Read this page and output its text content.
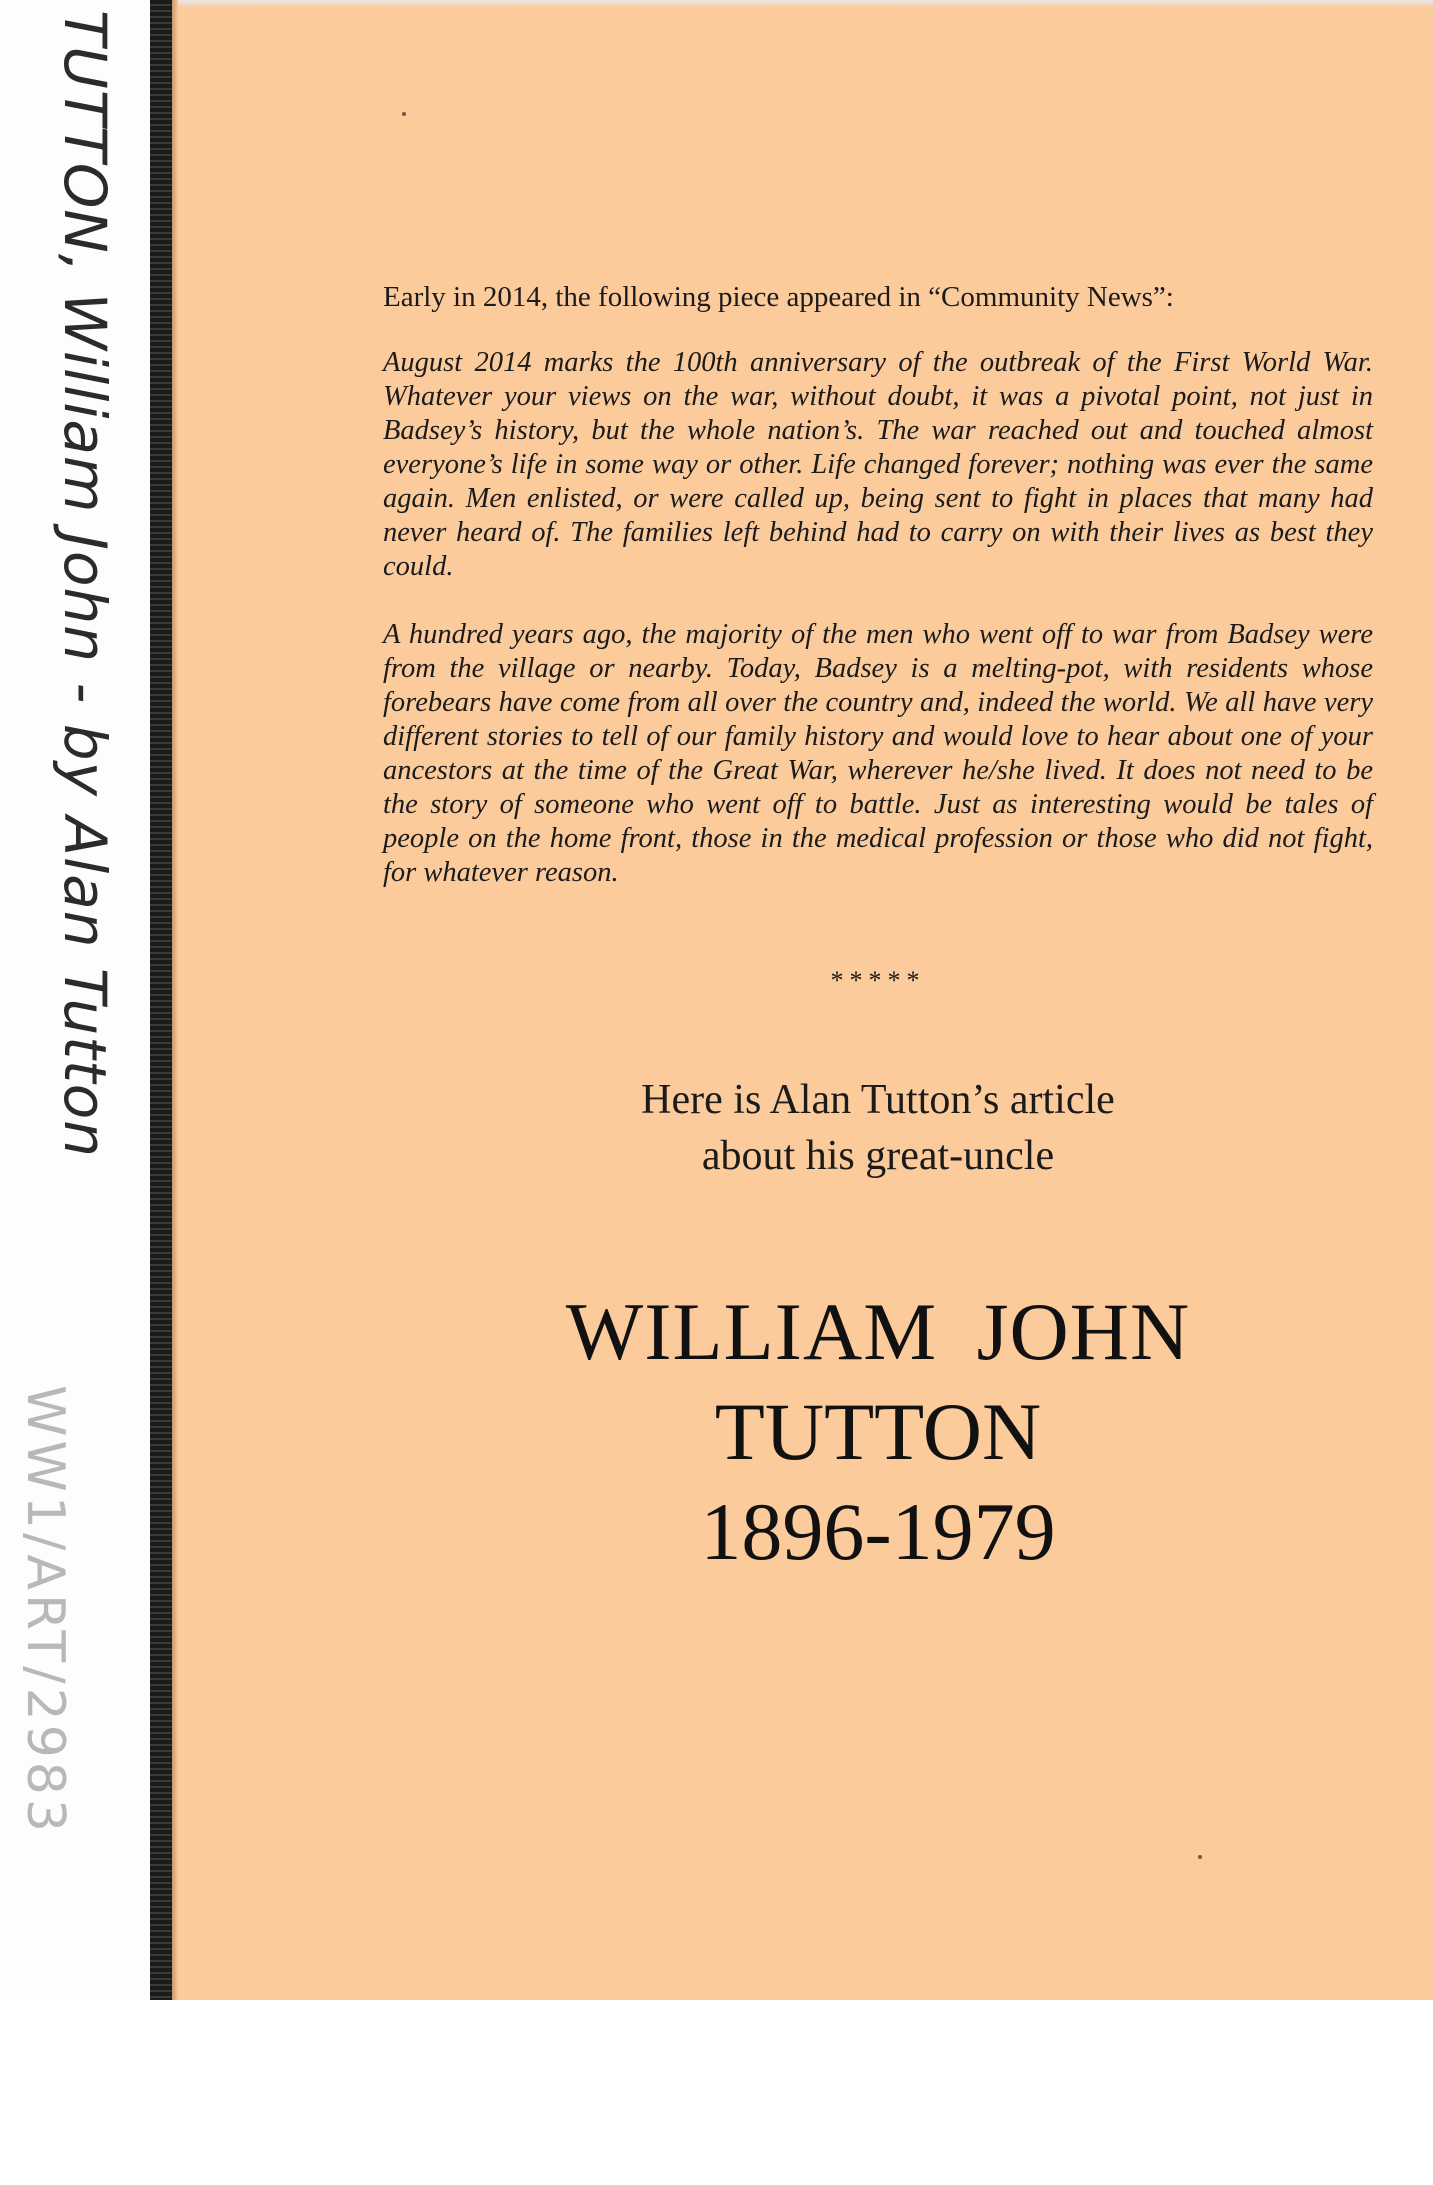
TUTTON, William John - by Alan Tutton
WW1/ART/2983

Early in 2014, the following piece appeared in “Community News”:

August 2014 marks the 100th anniversary of the outbreak of the First World War. Whatever your views on the war, without doubt, it was a pivotal point, not just in Badsey’s history, but the whole nation’s. The war reached out and touched almost everyone’s life in some way or other. Life changed forever; nothing was ever the same again. Men enlisted, or were called up, being sent to fight in places that many had never heard of. The families left behind had to carry on with their lives as best they could.

A hundred years ago, the majority of the men who went off to war from Badsey were from the village or nearby. Today, Badsey is a melting-pot, with residents whose forebears have come from all over the country and, indeed the world. We all have very different stories to tell of our family history and would love to hear about one of your ancestors at the time of the Great War, wherever he/she lived. It does not need to be the story of someone who went off to battle. Just as interesting would be tales of people on the home front, those in the medical profession or those who did not fight, for whatever reason.

*****
Here is Alan Tutton’s article
about his great-uncle
WILLIAM JOHN
TUTTON
1896-1979
